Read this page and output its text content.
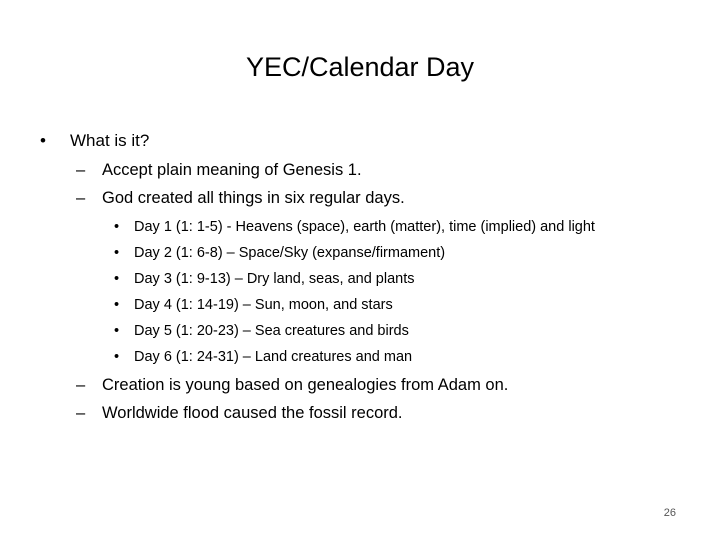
YEC/Calendar Day
• What is it?
– Accept plain meaning of Genesis 1.
– God created all things in six regular days.
• Day 1 (1: 1-5) - Heavens (space), earth (matter), time (implied) and light
• Day 2 (1: 6-8) – Space/Sky (expanse/firmament)
• Day 3 (1: 9-13) – Dry land, seas, and plants
• Day 4 (1: 14-19) – Sun, moon, and stars
• Day 5 (1: 20-23) – Sea creatures and birds
• Day 6 (1: 24-31) – Land creatures and man
– Creation is young based on genealogies from Adam on.
– Worldwide flood caused the fossil record.
26
